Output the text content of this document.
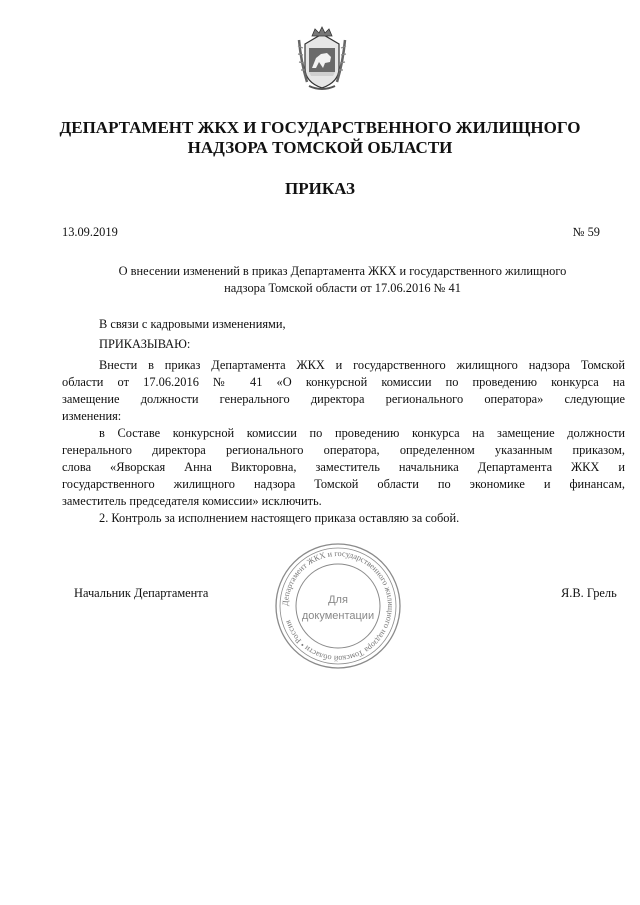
ДЕПАРТАМЕНТ ЖКХ И ГОСУДАРСТВЕННОГО ЖИЛИЩНОГО
НАДЗОРА ТОМСКОЙ ОБЛАСТИ
ПРИКАЗ
13.09.2019	№ 59
О внесении изменений в приказ Департамента ЖКХ и государственного жилищного
надзора Томской области от 17.06.2016 № 41
В связи с кадровыми изменениями,
ПРИКАЗЫВАЮ:
Внести в приказ Департамента ЖКХ и государственного жилищного надзора Томской
области от 17.06.2016 № 41 «О конкурсной комиссии по проведению конкурса на
замещение должности генерального директора регионального оператора» следующие
изменения:
в Составе конкурсной комиссии по проведению конкурса на замещение должности
генерального директора регионального оператора, определенном указанным приказом,
слова «Яворская Анна Викторовна, заместитель начальника Департамента ЖКХ и
государственного жилищного надзора Томской области по экономике и финансам,
заместитель председателя комиссии» исключить.
2. Контроль за исполнением настоящего приказа оставляю за собой.
Начальник Департамента	Я.В. Грель
Департамент ЖКХ и государственного жилищного надзора Томской области • Россия
Для
документации
